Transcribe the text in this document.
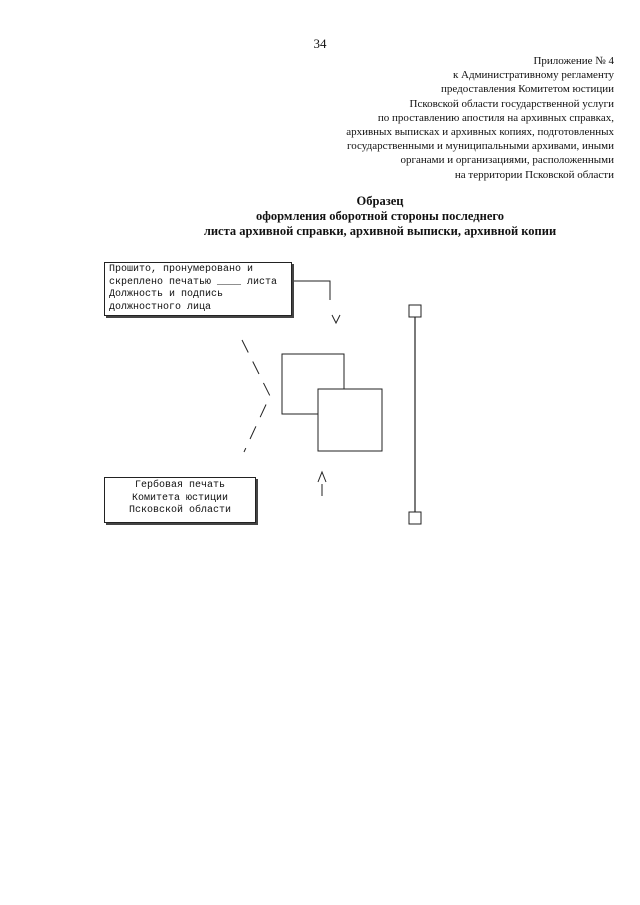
34
Приложение № 4
к Административному регламенту
предоставления Комитетом юстиции
Псковской области государственной услуги
по проставлению апостиля на архивных справках,
архивных выписках и архивных копиях, подготовленных
государственными и муниципальными архивами, иными
органами и организациями, расположенными
на территории Псковской области
Образец
оформления оборотной стороны последнего
листа архивной справки, архивной выписки, архивной копии
Прошито, пронумеровано и
скреплено печатью ____ листа
Должность и подпись
должностного лица
Гербовая печать
Комитета юстиции
Псковской области
